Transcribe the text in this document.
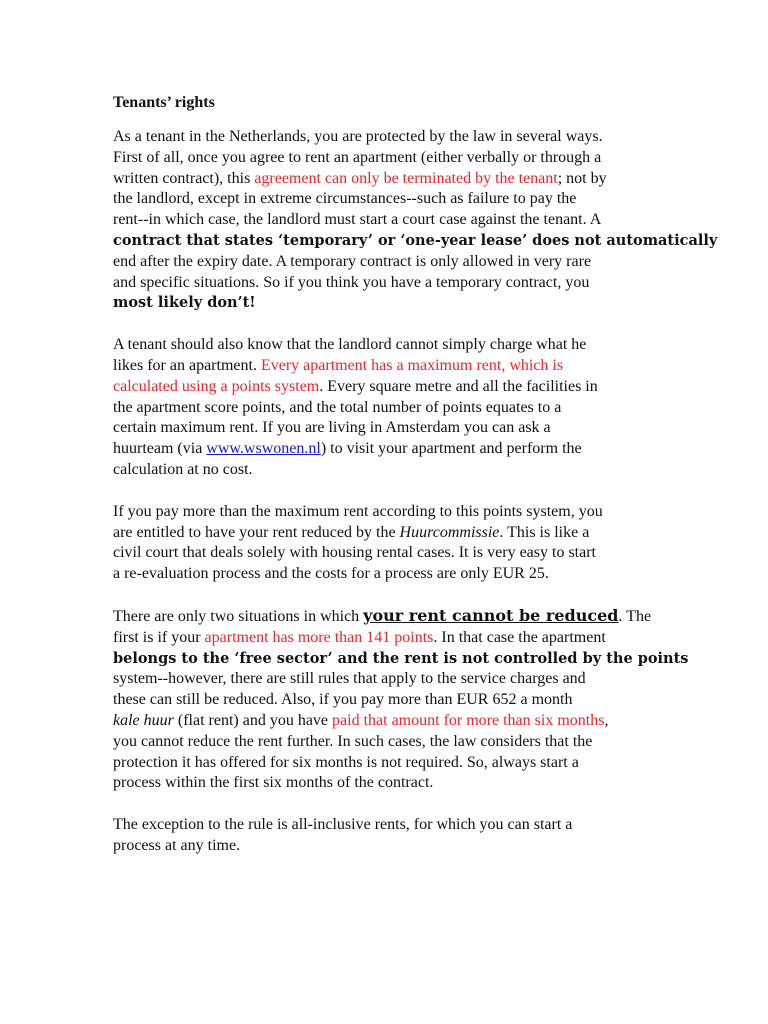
Tenants’ rights

As a tenant in the Netherlands, you are protected by the law in several ways.
First of all, once you agree to rent an apartment (either verbally or through a
written contract), this agreement can only be terminated by the tenant; not by
the landlord, except in extreme circumstances--such as failure to pay the
rent--in which case, the landlord must start a court case against the tenant. A
contract that states ‘temporary’ or ‘one-year lease’ does not automatically
end after the expiry date. A temporary contract is only allowed in very rare
and specific situations. So if you think you have a temporary contract, you
most likely don’t!

A tenant should also know that the landlord cannot simply charge what he
likes for an apartment. Every apartment has a maximum rent, which is
calculated using a points system. Every square metre and all the facilities in
the apartment score points, and the total number of points equates to a
certain maximum rent. If you are living in Amsterdam you can ask a
huurteam (via www.wswonen.nl) to visit your apartment and perform the
calculation at no cost.

If you pay more than the maximum rent according to this points system, you
are entitled to have your rent reduced by the Huurcommissie. This is like a
civil court that deals solely with housing rental cases. It is very easy to start
a re-evaluation process and the costs for a process are only EUR 25.

There are only two situations in which your rent cannot be reduced. The
first is if your apartment has more than 141 points. In that case the apartment
belongs to the ‘free sector’ and the rent is not controlled by the points
system--however, there are still rules that apply to the service charges and
these can still be reduced. Also, if you pay more than EUR 652 a month
kale huur (flat rent) and you have paid that amount for more than six months,
you cannot reduce the rent further. In such cases, the law considers that the
protection it has offered for six months is not required. So, always start a
process within the first six months of the contract.

The exception to the rule is all-inclusive rents, for which you can start a
process at any time.
